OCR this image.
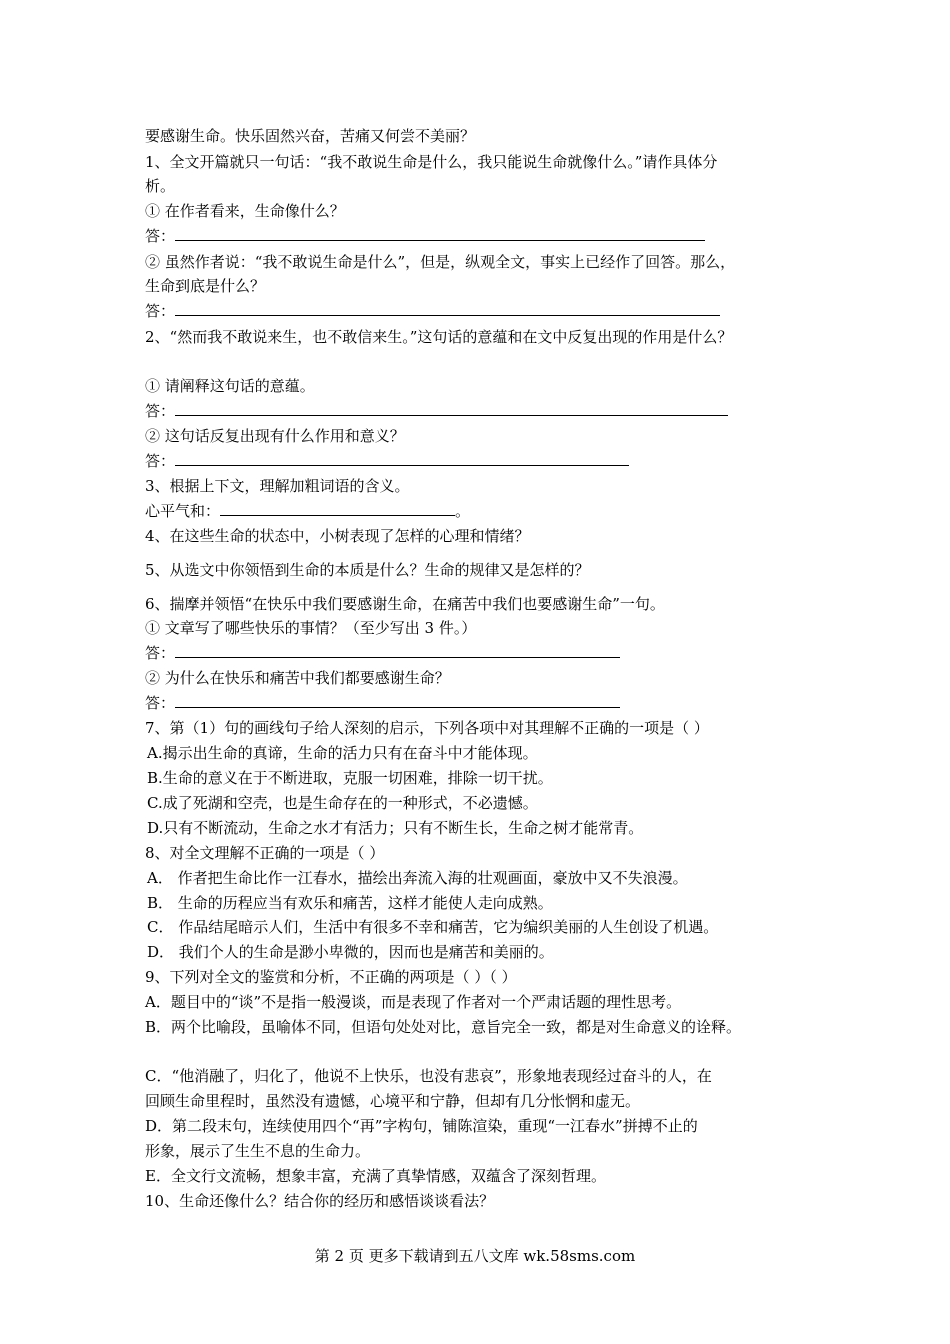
要感谢生命。快乐固然兴奋，苦痛又何尝不美丽？
1、全文开篇就只一句话：“我不敢说生命是什么，我只能说生命就像什么。”请作具体分
析。
① 在作者看来，生命像什么？
答：
② 虽然作者说：“我不敢说生命是什么”，但是，纵观全文，事实上已经作了回答。那么，
生命到底是什么？
答：
2、“然而我不敢说来生，也不敢信来生。”这句话的意蕴和在文中反复出现的作用是什么？
① 请阐释这句话的意蕴。
答：
② 这句话反复出现有什么作用和意义？
答：
3、根据上下文，理解加粗词语的含义。
心平气和：	。
4、在这些生命的状态中，小树表现了怎样的心理和情绪？
5、从选文中你领悟到生命的本质是什么？生命的规律又是怎样的？
6、揣摩并领悟“在快乐中我们要感谢生命，在痛苦中我们也要感谢生命”一句。
① 文章写了哪些快乐的事情？（至少写出 3 件。）
答：
② 为什么在快乐和痛苦中我们都要感谢生命？
答：
7、第（1）句的画线句子给人深刻的启示，下列各项中对其理解不正确的一项是（ ）
A.揭示出生命的真谛，生命的活力只有在奋斗中才能体现。
B.生命的意义在于不断进取，克服一切困难，排除一切干扰。
C.成了死湖和空壳，也是生命存在的一种形式，不必遗憾。
D.只有不断流动，生命之水才有活力；只有不断生长，生命之树才能常青。
8、对全文理解不正确的一项是（ ）
A． 作者把生命比作一江春水，描绘出奔流入海的壮观画面，豪放中又不失浪漫。
B． 生命的历程应当有欢乐和痛苦，这样才能使人走向成熟。
C． 作品结尾暗示人们，生活中有很多不幸和痛苦，它为编织美丽的人生创设了机遇。
D． 我们个人的生命是渺小卑微的，因而也是痛苦和美丽的。
9、下列对全文的鉴赏和分析，不正确的两项是（ ）（ ）
A．题目中的“谈”不是指一般漫谈，而是表现了作者对一个严肃话题的理性思考。
B．两个比喻段，虽喻体不同，但语句处处对比，意旨完全一致，都是对生命意义的诠释。
C．“他消融了，归化了，他说不上快乐，也没有悲哀”，形象地表现经过奋斗的人，在
回顾生命里程时，虽然没有遗憾，心境平和宁静，但却有几分怅惘和虚无。
D．第二段末句，连续使用四个“再”字构句，铺陈渲染，重现“一江春水”拼搏不止的
形象，展示了生生不息的生命力。
E．全文行文流畅，想象丰富，充满了真挚情感，双蕴含了深刻哲理。
10、生命还像什么？结合你的经历和感悟谈谈看法？
第 2 页 更多下载请到五八文库 wk.58sms.com
